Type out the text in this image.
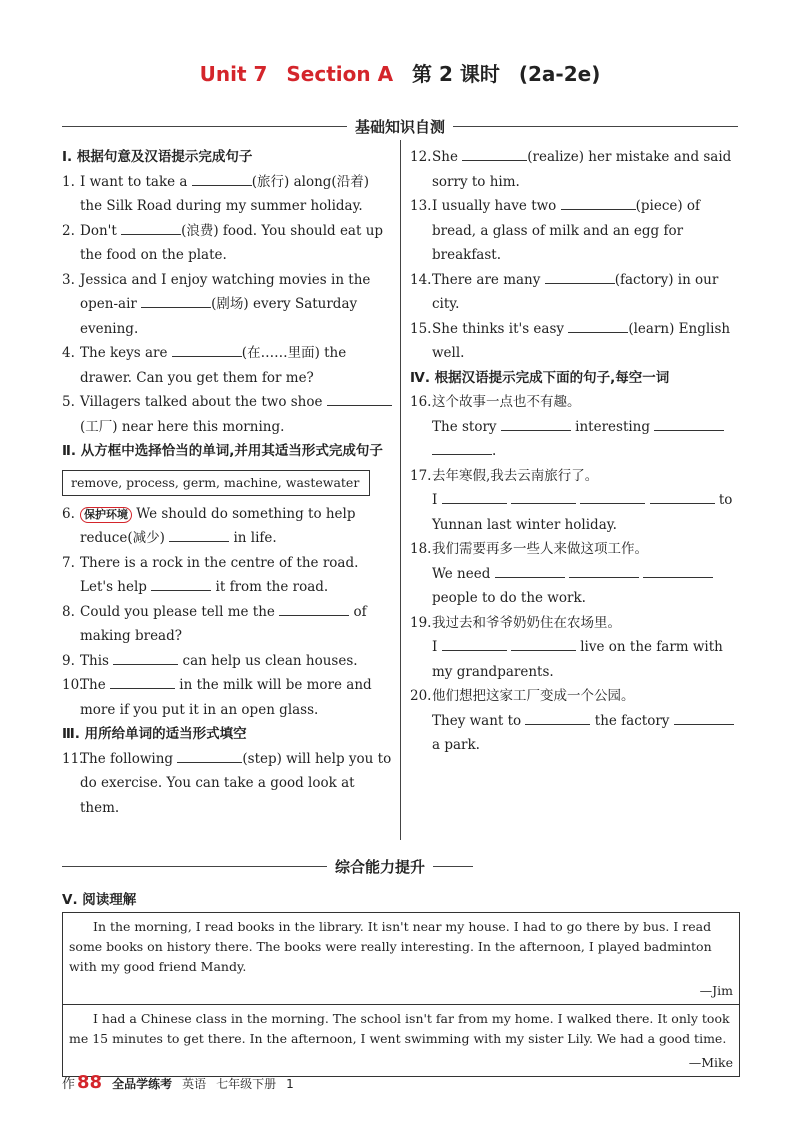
Unit 7 Section A 第 2 课时 (2a-2e)
基础知识自测
Ⅰ. 根据句意及汉语提示完成句子
1. I want to take a	(旅行) along(沿着) the Silk Road during my summer holiday.
2. Don't	(浪费) food. You should eat up the food on the plate.
3. Jessica and I enjoy watching movies in the open-air	(剧场) every Saturday evening.
4. The keys are	(在……里面) the drawer. Can you get them for me?
5. Villagers talked about the two shoe (工厂) near here this morning.
Ⅱ. 从方框中选择恰当的单词,并用其适当形式完成句子
remove, process, germ, machine, wastewater
6. 保护环境 We should do something to help reduce(减少)	in life.
7. There is a rock in the centre of the road. Let's help	it from the road.
8. Could you please tell me the	of making bread?
9. This	can help us clean houses.
10.
The	in the milk will be more and more if you put it in an open glass.
Ⅲ. 用所给单词的适当形式填空
11.
The following	(step) will help you to do exercise. You can take a good look at them.
12. She	(realize) her mistake and said sorry to him.
13. I usually have two	(piece) of bread, a glass of milk and an egg for breakfast.
14. There are many	(factory) in our city.
15. She thinks it's easy	(learn) English well.
Ⅳ. 根据汉语提示完成下面的句子,每空一词
16. 这个故事一点也不有趣。
The story	interesting
.
17. 去年寒假,我去云南旅行了。
I	to
Yunnan last winter holiday.
18. 我们需要再多一些人来做这项工作。
We need
people to do the work.
19. 我过去和爷爷奶奶住在农场里。
I	live on the farm with
my grandparents.
20. 他们想把这家工厂变成一个公园。
They want to	the factory
a park.
综合能力提升
Ⅴ. 阅读理解
In the morning, I read books in the library. It isn't near my house. I had to go there by bus. I read some books on history there. The books were really interesting. In the afternoon, I played badminton with my good friend Mandy.
—Jim
I had a Chinese class in the morning. The school isn't far from my home. I walked there. It only took me 15 minutes to get there. In the afternoon, I went swimming with my sister Lily. We had a good time.
—Mike
作 88 全品学练考 英语 七年级下册 1
